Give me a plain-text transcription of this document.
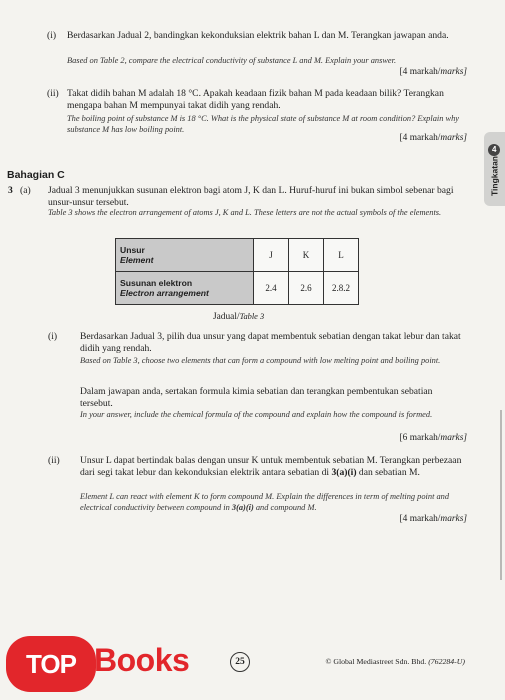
(i) Berdasarkan Jadual 2, bandingkan kekonduksian elektrik bahan L dan M. Terangkan jawapan anda.

Based on Table 2, compare the electrical conductivity of substance L and M. Explain your answer.

[4 markah/marks]
(ii) Takat didih bahan M adalah 18 °C. Apakah keadaan fizik bahan M pada keadaan bilik? Terangkan mengapa bahan M mempunyai takat didih yang rendah.

The boiling point of substance M is 18 °C. What is the physical state of substance M at room condition? Explain why substance M has low boiling point.

[4 markah/marks]
Tingkatan
4
Bahagian C
3 (a) Jadual 3 menunjukkan susunan elektron bagi atom J, K dan L. Huruf-huruf ini bukan simbol sebenar bagi unsur-unsur tersebut.

Table 3 shows the electron arrangement of atoms J, K and L. These letters are not the actual symbols of the elements.

Unsur
Element	J	K	L

Susunan elektron
Electron arrangement	2.4	2.6	2.8.2
Jadual/Table 3
(i) Berdasarkan Jadual 3, pilih dua unsur yang dapat membentuk sebatian dengan takat lebur dan takat didih yang rendah.

Based on Table 3, choose two elements that can form a compound with low melting point and boiling point.

Dalam jawapan anda, sertakan formula kimia sebatian dan terangkan pembentukan sebatian tersebut.

In your answer, include the chemical formula of the compound and explain how the compound is formed.

[6 markah/marks]
(ii) Unsur L dapat bertindak balas dengan unsur K untuk membentuk sebatian M. Terangkan perbezaan dari segi takat lebur dan kekonduksian elektrik antara sebatian di 3(a)(i) dan sebatian M.

Element L can react with element K to form compound M. Explain the differences in term of melting point and electrical conductivity between compound in 3(a)(i) and compound M.

[4 markah/marks]
TOP Books	25	© Global Mediastreet Sdn. Bhd. (762284-U)
